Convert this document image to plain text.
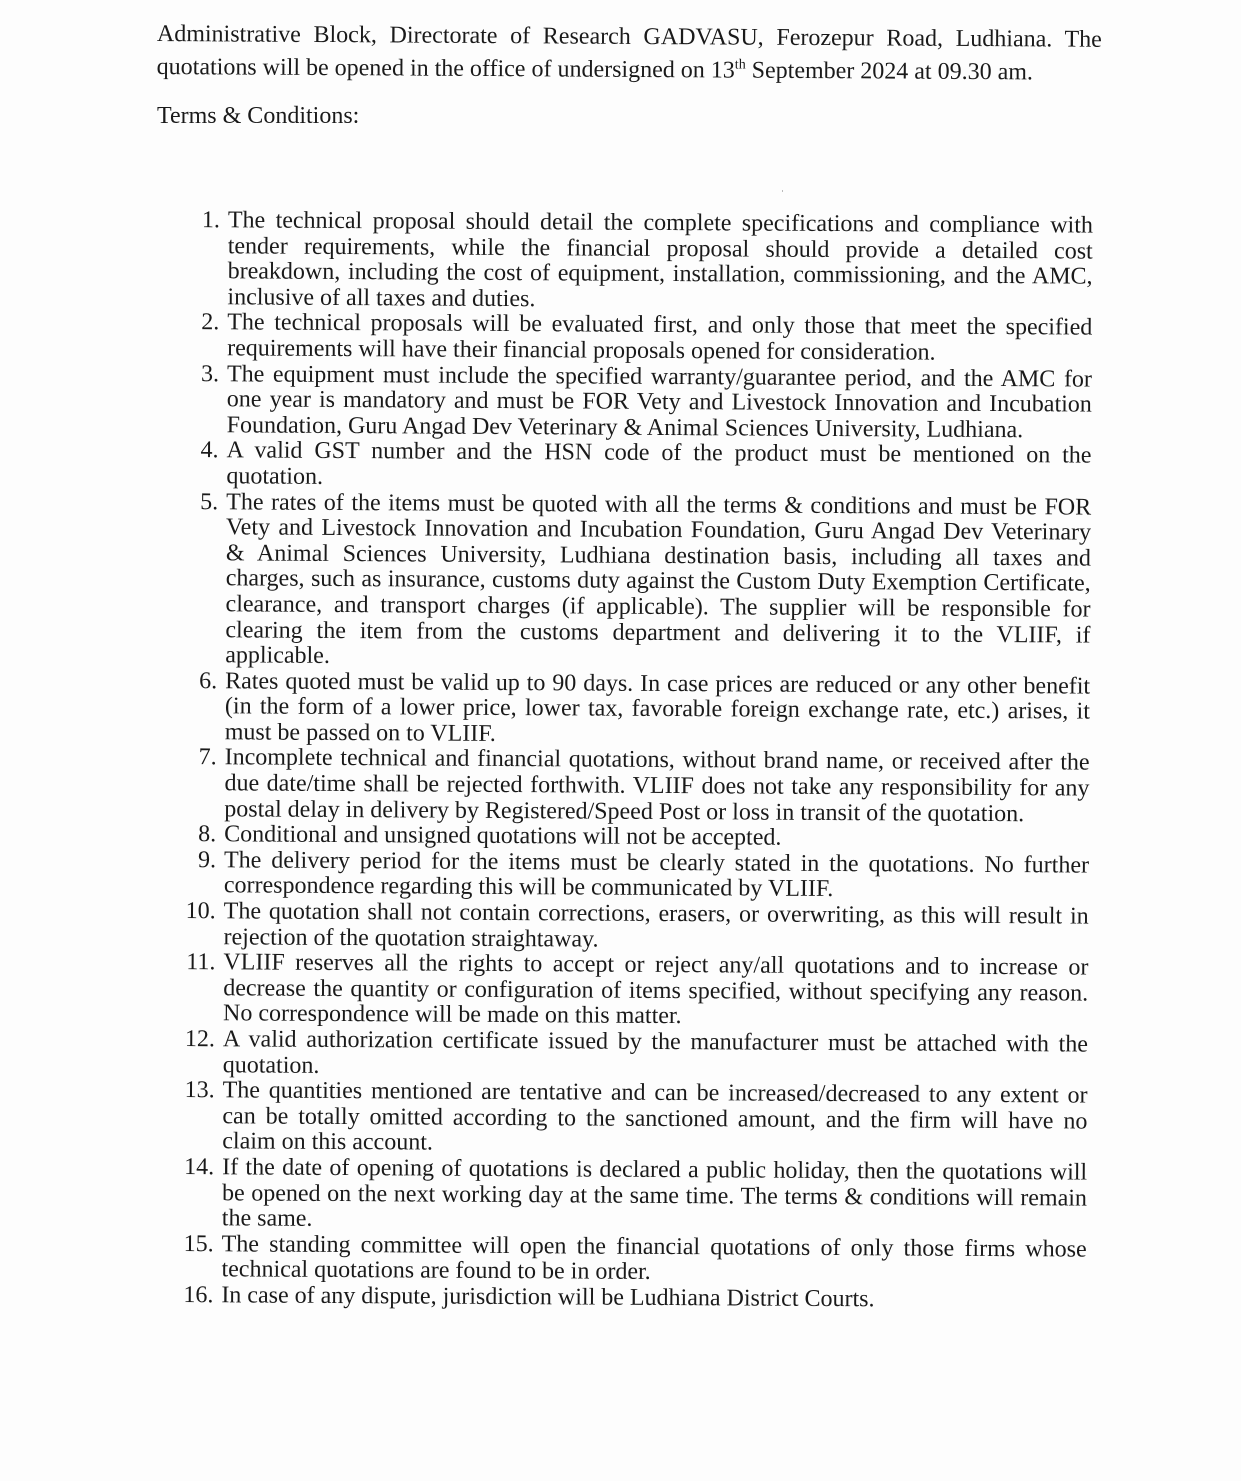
Administrative Block, Directorate of Research GADVASU, Ferozepur Road, Ludhiana. The quotations will be opened in the office of undersigned on 13th September 2024 at 09.30 am.

Terms & Conditions:
1. The technical proposal should detail the complete specifications and compliance with tender requirements, while the financial proposal should provide a detailed cost breakdown, including the cost of equipment, installation, commissioning, and the AMC, inclusive of all taxes and duties.
2. The technical proposals will be evaluated first, and only those that meet the specified requirements will have their financial proposals opened for consideration.
3. The equipment must include the specified warranty/guarantee period, and the AMC for one year is mandatory and must be FOR Vety and Livestock Innovation and Incubation Foundation, Guru Angad Dev Veterinary & Animal Sciences University, Ludhiana.
4. A valid GST number and the HSN code of the product must be mentioned on the quotation.
5. The rates of the items must be quoted with all the terms & conditions and must be FOR Vety and Livestock Innovation and Incubation Foundation, Guru Angad Dev Veterinary & Animal Sciences University, Ludhiana destination basis, including all taxes and charges, such as insurance, customs duty against the Custom Duty Exemption Certificate, clearance, and transport charges (if applicable). The supplier will be responsible for clearing the item from the customs department and delivering it to the VLIIF, if applicable.
6. Rates quoted must be valid up to 90 days. In case prices are reduced or any other benefit (in the form of a lower price, lower tax, favorable foreign exchange rate, etc.) arises, it must be passed on to VLIIF.
7. Incomplete technical and financial quotations, without brand name, or received after the due date/time shall be rejected forthwith. VLIIF does not take any responsibility for any postal delay in delivery by Registered/Speed Post or loss in transit of the quotation.
8. Conditional and unsigned quotations will not be accepted.
9. The delivery period for the items must be clearly stated in the quotations. No further correspondence regarding this will be communicated by VLIIF.
10. The quotation shall not contain corrections, erasers, or overwriting, as this will result in rejection of the quotation straightaway.
11. VLIIF reserves all the rights to accept or reject any/all quotations and to increase or decrease the quantity or configuration of items specified, without specifying any reason. No correspondence will be made on this matter.
12. A valid authorization certificate issued by the manufacturer must be attached with the quotation.
13. The quantities mentioned are tentative and can be increased/decreased to any extent or can be totally omitted according to the sanctioned amount, and the firm will have no claim on this account.
14. If the date of opening of quotations is declared a public holiday, then the quotations will be opened on the next working day at the same time. The terms & conditions will remain the same.
15. The standing committee will open the financial quotations of only those firms whose technical quotations are found to be in order.
16. In case of any dispute, jurisdiction will be Ludhiana District Courts.
